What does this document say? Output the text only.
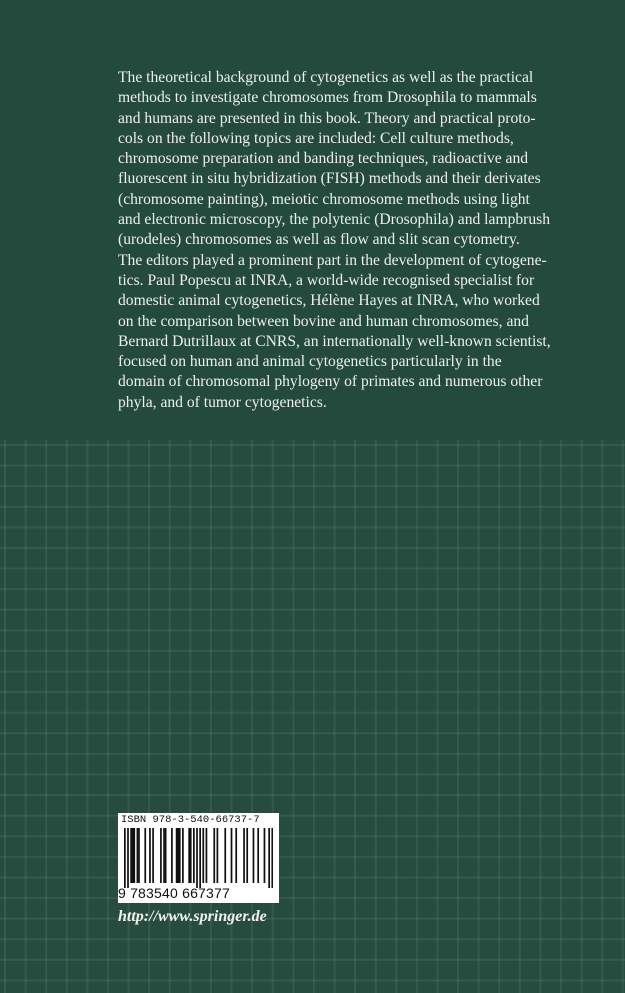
The theoretical background of cytogenetics as well as the practical
methods to investigate chromosomes from Drosophila to mammals
and humans are presented in this book. Theory and practical proto-
cols on the following topics are included: Cell culture methods,
chromosome preparation and banding techniques, radioactive and
fluorescent in situ hybridization (FISH) methods and their derivates
(chromosome painting), meiotic chromosome methods using light
and electronic microscopy, the polytenic (Drosophila) and lampbrush
(urodeles) chromosomes as well as flow and slit scan cytometry.
The editors played a prominent part in the development of cytogene-
tics. Paul Popescu at INRA, a world-wide recognised specialist for
domestic animal cytogenetics, Hélène Hayes at INRA, who worked
on the comparison between bovine and human chromosomes, and
Bernard Dutrillaux at CNRS, an internationally well-known scientist,
focused on human and animal cytogenetics particularly in the
domain of chromosomal phylogeny of primates and numerous other
phyla, and of tumor cytogenetics.

ISBN 978-3-540-66737-7
9 783540 667377
http://www.springer.de
